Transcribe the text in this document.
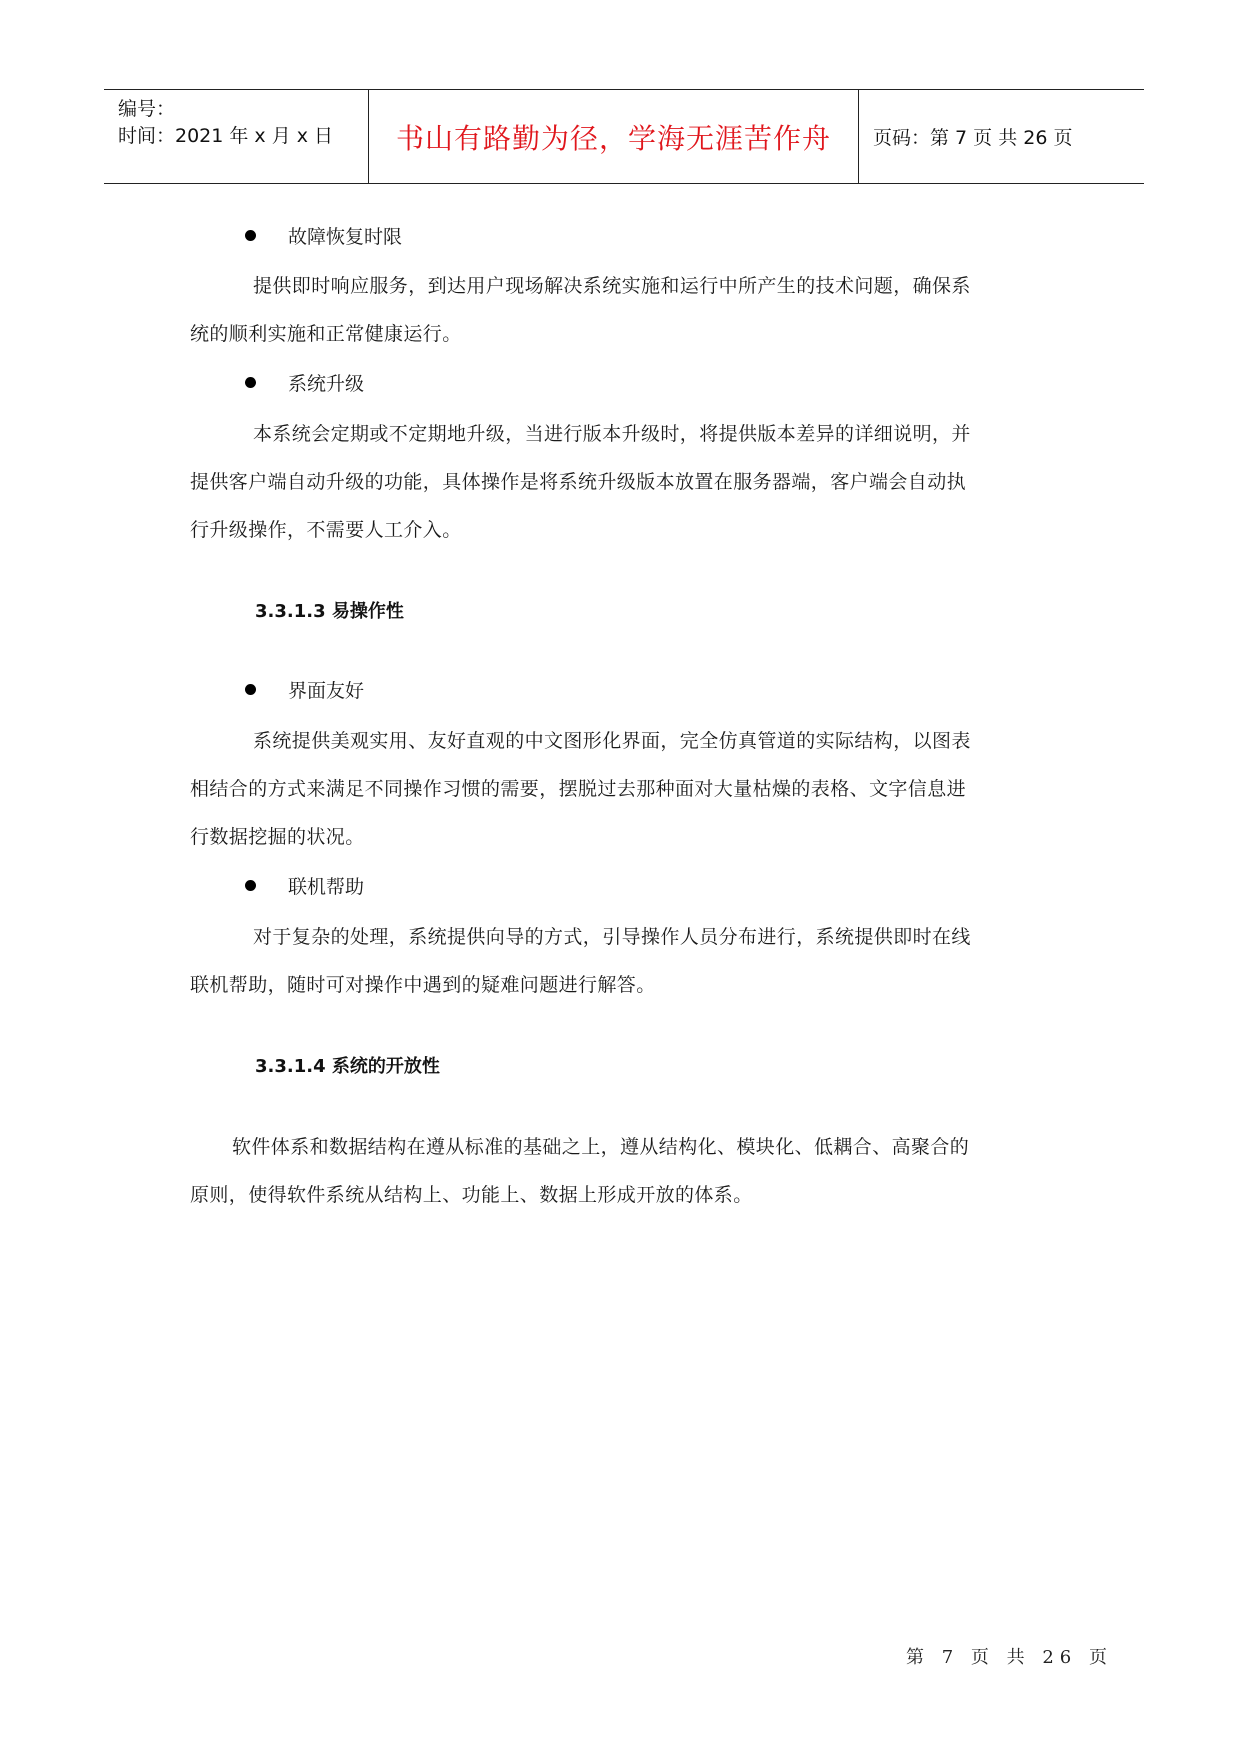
编号：
时间：2021 年 x 月 x 日	书山有路勤为径，学海无涯苦作舟	页码：第 7 页 共 26 页
故障恢复时限
提供即时响应服务，到达用户现场解决系统实施和运行中所产生的技术问题，确保系
统的顺利实施和正常健康运行。
系统升级
本系统会定期或不定期地升级，当进行版本升级时，将提供版本差异的详细说明，并
提供客户端自动升级的功能，具体操作是将系统升级版本放置在服务器端，客户端会自动执
行升级操作，不需要人工介入。
3.3.1.3 易操作性
界面友好
系统提供美观实用、友好直观的中文图形化界面，完全仿真管道的实际结构，以图表
相结合的方式来满足不同操作习惯的需要，摆脱过去那种面对大量枯燥的表格、文字信息进
行数据挖掘的状况。
联机帮助
对于复杂的处理，系统提供向导的方式，引导操作人员分布进行，系统提供即时在线
联机帮助，随时可对操作中遇到的疑难问题进行解答。
3.3.1.4 系统的开放性
软件体系和数据结构在遵从标准的基础之上，遵从结构化、模块化、低耦合、高聚合的
原则，使得软件系统从结构上、功能上、数据上形成开放的体系。
第 7 页 共 26 页
